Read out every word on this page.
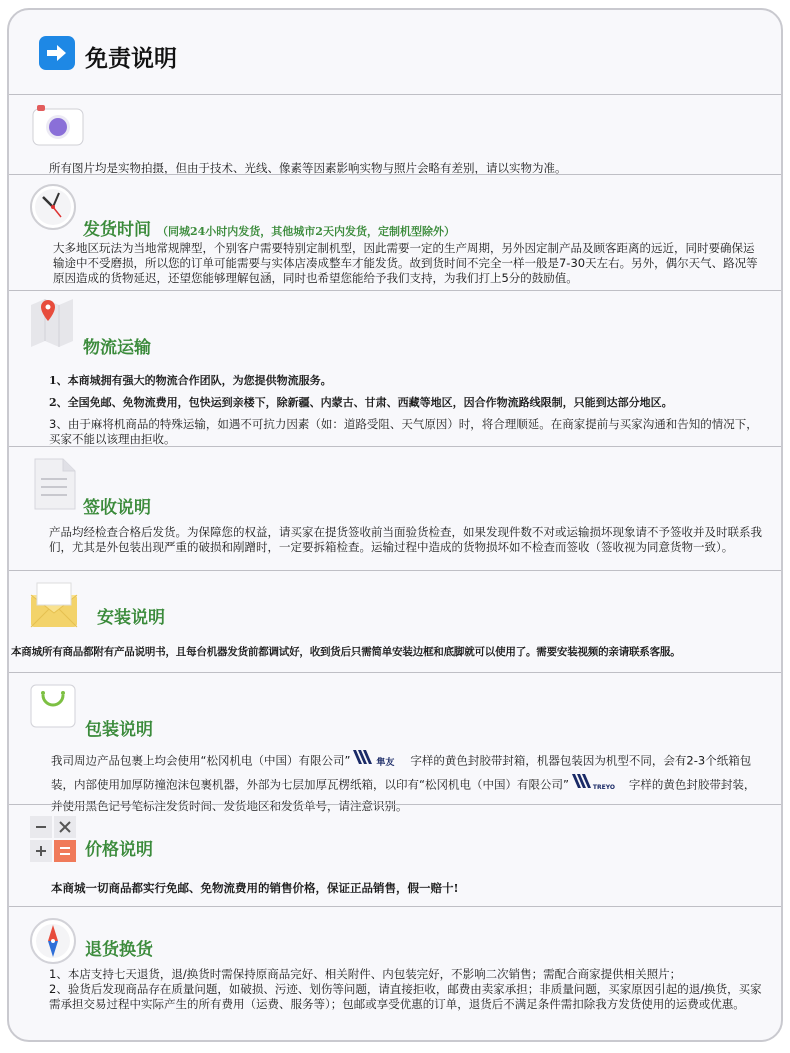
免责说明
所有图片均是实物拍摄，但由于技术、光线、像素等因素影响实物与照片会略有差别，请以实物为准。
发货时间 （同城24小时内发货，其他城市2天内发货，定制机型除外）
大多地区玩法为当地常规牌型，个别客户需要特别定制机型，因此需要一定的生产周期，另外因定制产品及顾客距离的远近，同时要确保运输途中不受磨损，所以您的订单可能需要与实体店凑成整车才能发货。故到货时间不完全一样一般是7-30天左右。另外，偶尔天气、路况等原因造成的货物延迟，还望您能够理解包涵，同时也希望您能给予我们支持，为我们打上5分的鼓励值。
物流运输
1、本商城拥有强大的物流合作团队，为您提供物流服务。
2、全国免邮、免物流费用，包快运到亲楼下，除新疆、内蒙古、甘肃、西藏等地区，因合作物流路线限制，只能到达部分地区。
3、由于麻将机商品的特殊运输，如遇不可抗力因素（如：道路受阻、天气原因）时，将合理顺延。在商家提前与买家沟通和告知的情况下，买家不能以该理由拒收。
签收说明
产品均经检查合格后发货。为保障您的权益，请买家在提货签收前当面验货检查，如果发现件数不对或运输损坏现象请不予签收并及时联系我们，尤其是外包装出现严重的破损和剐蹭时，一定要拆箱检查。运输过程中造成的货物损坏如不检查而签收（签收视为同意货物一致）。
安装说明
本商城所有商品都附有产品说明书，且每台机器发货前都调试好，收到货后只需简单安装边框和底脚就可以使用了。需要安装视频的亲请联系客服。
包装说明
我司周边产品包裹上均会使用“松冈机电（中国）有限公司”	隼友 字样的黄色封胶带封箱，机器包装因为机型不同，会有2-3个纸箱包装，内部使用加厚防撞泡沫包裹机器，外部为七层加厚瓦楞纸箱，以印有“松冈机电（中国）有限公司”	TREYO 字样的黄色封胶带封装，并使用黑色记号笔标注发货时间、发货地区和发货单号，请注意识别。
价格说明
本商城一切商品都实行免邮、免物流费用的销售价格，保证正品销售，假一赔十!
退货换货
1、本店支持七天退货，退/换货时需保持原商品完好、相关附件、内包装完好，不影响二次销售；需配合商家提供相关照片；
2、验货后发现商品存在质量问题，如破损、污迹、划伤等问题，请直接拒收，邮费由卖家承担；非质量问题，买家原因引起的退/换货，买家需承担交易过程中实际产生的所有费用（运费、服务等）；包邮或享受优惠的订单，退货后不满足条件需扣除我方发货使用的运费或优惠。
